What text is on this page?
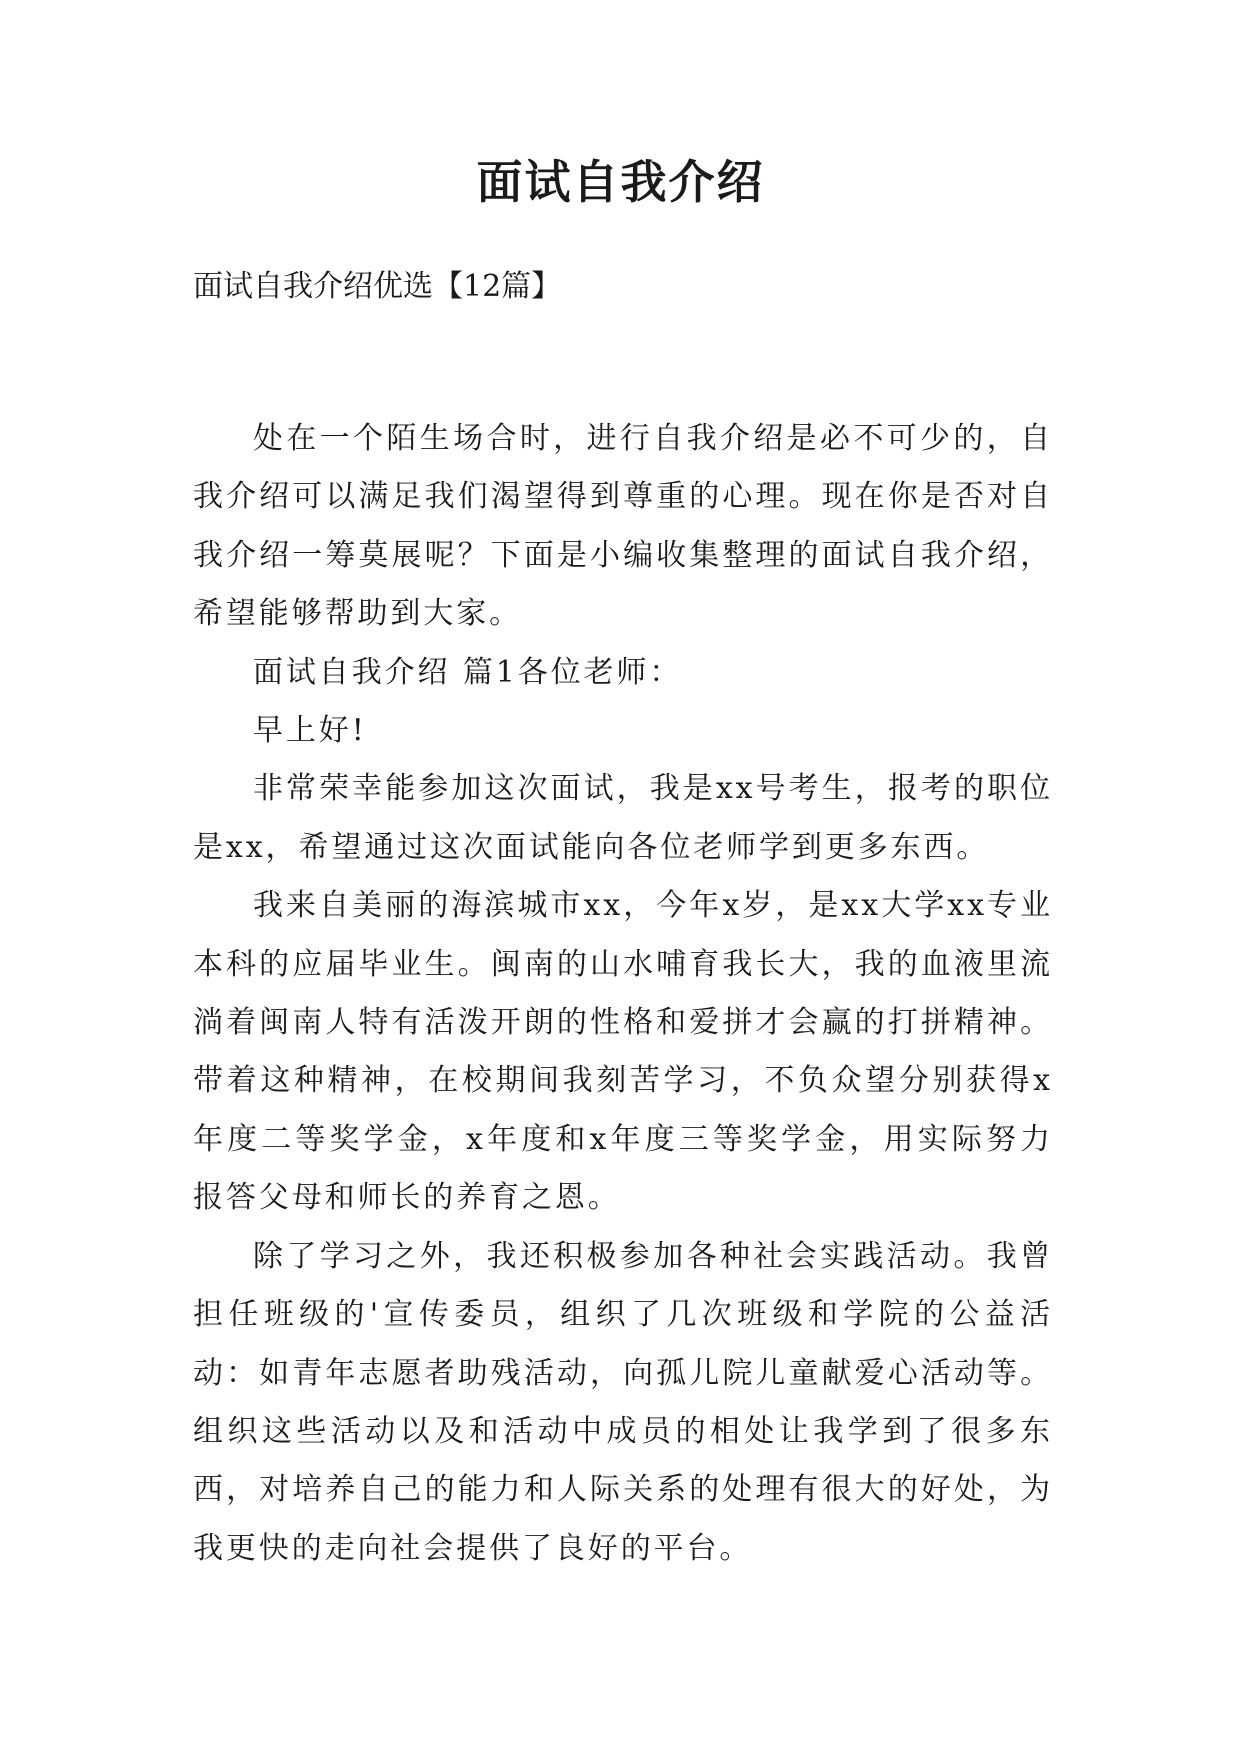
面试自我介绍
面试自我介绍优选【12篇】

处在一个陌生场合时，进行自我介绍是必不可少的，自我介绍可以满足我们渴望得到尊重的心理。现在你是否对自我介绍一筹莫展呢？下面是小编收集整理的面试自我介绍，希望能够帮助到大家。

面试自我介绍 篇1各位老师：

早上好!

非常荣幸能参加这次面试，我是xx号考生，报考的职位是xx，希望通过这次面试能向各位老师学到更多东西。

我来自美丽的海滨城市xx，今年x岁，是xx大学xx专业本科的应届毕业生。闽南的山水哺育我长大，我的血液里流淌着闽南人特有活泼开朗的性格和爱拼才会赢的打拼精神。带着这种精神，在校期间我刻苦学习，不负众望分别获得x年度二等奖学金，x年度和x年度三等奖学金，用实际努力报答父母和师长的养育之恩。

除了学习之外，我还积极参加各种社会实践活动。我曾担任班级的'宣传委员，组织了几次班级和学院的公益活动：如青年志愿者助残活动，向孤儿院儿童献爱心活动等。组织这些活动以及和活动中成员的相处让我学到了很多东西，对培养自己的能力和人际关系的处理有很大的好处，为我更快的走向社会提供了良好的平台。
